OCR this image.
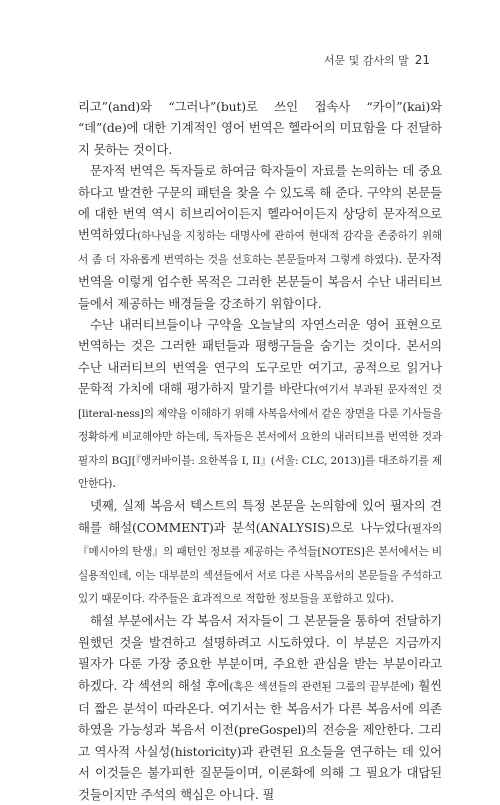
서문 및 감사의 말 21

리고”(and)와 “그러나”(but)로 쓰인 접속사 “카이”(kai)와 “데”(de)에 대한 기계적인 영어 번역은 헬라어의 미묘함을 다 전달하지 못하는 것이다.

문자적 번역은 독자들로 하여금 학자들이 자료를 논의하는 데 중요하다고 발견한 구문의 패턴을 찾을 수 있도록 해 준다. 구약의 본문들에 대한 번역 역시 히브리어이든지 헬라어이든지 상당히 문자적으로 번역하였다(하나님을 지칭하는 대명사에 관하여 현대적 감각을 존중하기 위해서 좀 더 자유롭게 번역하는 것을 선호하는 본문들마저 그렇게 하였다). 문자적 번역을 이렇게 엄수한 목적은 그러한 본문들이 복음서 수난 내러티브들에서 제공하는 배경들을 강조하기 위함이다.

수난 내러티브들이나 구약을 오늘날의 자연스러운 영어 표현으로 번역하는 것은 그러한 패턴들과 평행구들을 숨기는 것이다. 본서의 수난 내러티브의 번역을 연구의 도구로만 여기고, 공적으로 읽거나 문학적 가치에 대해 평가하지 말기를 바란다(여기서 부과된 문자적인 것[literal-ness]의 제약을 이해하기 위해 사복음서에서 같은 장면을 다룬 기사들을 정확하게 비교해야만 하는데, 독자들은 본서에서 요한의 내러티브를 번역한 것과 필자의 BGJ[『앵커바이블: 요한복음 I, II』(서울: CLC, 2013)]를 대조하기를 제안한다).

넷째, 실제 복음서 텍스트의 특정 본문을 논의함에 있어 필자의 견해를 해설(COMMENT)과 분석(ANALYSIS)으로 나누었다(필자의 『메시아의 탄생』의 패턴인 정보를 제공하는 주석들[NOTES]은 본서에서는 비실용적인데, 이는 대부분의 섹션들에서 서로 다른 사복음서의 본문들을 주석하고 있기 때문이다. 각주들은 효과적으로 적합한 정보들을 포함하고 있다).

해설 부분에서는 각 복음서 저자들이 그 본문들을 통하여 전달하기 원했던 것을 발견하고 설명하려고 시도하였다. 이 부분은 지금까지 필자가 다룬 가장 중요한 부분이며, 주요한 관심을 받는 부분이라고 하겠다. 각 섹션의 해설 후에(혹은 섹션들의 관련된 그룹의 끝부분에) 훨씬 더 짧은 분석이 따라온다. 여기서는 한 복음서가 다른 복음서에 의존하였을 가능성과 복음서 이전(preGospel)의 전승을 제안한다. 그리고 역사적 사실성(historicity)과 관련된 요소들을 연구하는 데 있어서 이것들은 불가피한 질문들이며, 이론화에 의해 그 필요가 대답된 것들이지만 주석의 핵심은 아니다. 필
